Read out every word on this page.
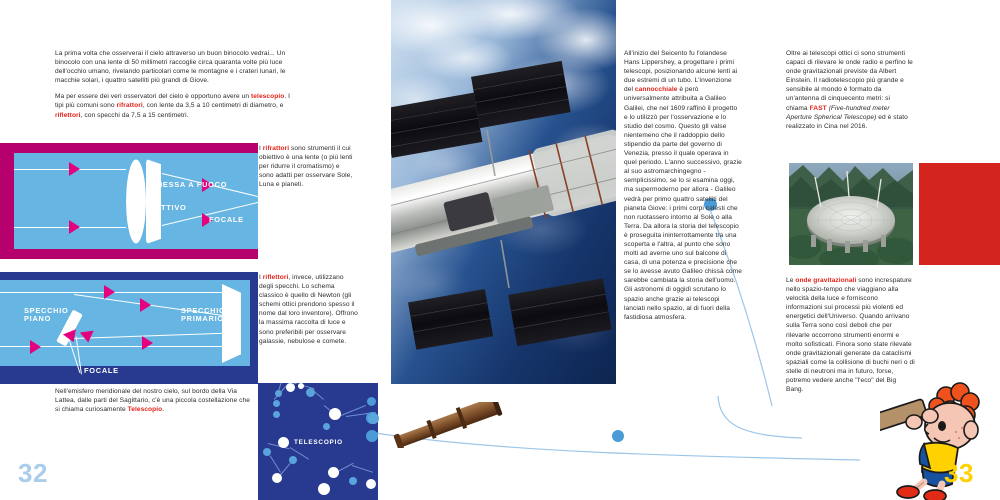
La prima volta che osserverai il cielo attraverso un buon binocolo vedrai... Un binocolo con una lente di 50 millimetri raccoglie circa quaranta volte più luce dell'occhio umano, rivelando particolari come le montagne e i crateri lunari, le macchie solari, i quattro satelliti più grandi di Giove.

Ma per essere dei veri osservatori del cielo è opportuno avere un telescopio. I tipi più comuni sono rifrattori, con lente da 3,5 a 10 centimetri di diametro, e riflettori, con specchi da 7,5 a 15 centimetri.

OBIETTIVO
MESSA A FUOCO
FOCALE

I rifrattori sono strumenti il cui obiettivo è una lente (o più lenti per ridurre il cromatismo) e sono adatti per osservare Sole, Luna e pianeti.

SPECCHIO
PIANO
SPECCHIO
PRIMARIO
FOCALE

I riflettori, invece, utilizzano degli specchi. Lo schema classico è quello di Newton (gli schemi ottici prendono spesso il nome dal loro inventore). Offrono la massima raccolta di luce e sono preferibili per osservare galassie, nebulose e comete.

Nell'emisfero meridionale del nostro cielo, sul bordo della Via Lattea, dalle parti del Sagittario, c'è una piccola costellazione che si chiama curiosamente Telescopio.

TELESCOPIO

All'inizio del Seicento fu l'olandese Hans Lippershey, a progettare i primi telescopi, posizionando alcune lenti ai due estremi di un tubo. L'invenzione del cannocchiale è però universalmente attribuita a Galileo Galilei, che nel 1609 raffinò il progetto e lo utilizzò per l'osservazione e lo studio del cosmo. Questo gli valse nientemeno che il raddoppio dello stipendio da parte del governo di Venezia, presso il quale operava in quel periodo. L'anno successivo, grazie al suo astromarchingegno - semplicissimo, se lo si esamina oggi, ma supermoderno per allora - Galileo vedrà per primo quattro satelliti del pianeta Giove: i primi corpi celesti che non ruotassero intorno al Sole o alla Terra. Da allora la storia del telescopio è proseguita ininterrottamente tra una scoperta e l'altra, al punto che sono molti ad averne uno sul balcone di casa, di una potenza e precisione che se lo avesse avuto Galileo chissà come sarebbe cambiata la storia dell'uomo. Gli astronomi di oggidì scrutano lo spazio anche grazie ai telescopi lanciati nello spazio, al di fuori della fastidiosa atmosfera.

Oltre ai telescopi ottici ci sono strumenti capaci di rilevare le onde radio e perfino le onde gravitazionali previste da Albert Einstein. Il radiotelescopio più grande e sensibile al mondo è formato da un'antenna di cinquecento metri: si chiama FAST (Five-hundred meter Aperture Spherical Telescope) ed è stato realizzato in Cina nel 2016.

Le onde gravitazionali sono increspature nello spazio-tempo che viaggiano alla velocità della luce e forniscono informazioni sui processi più violenti ed energetici dell'Universo. Quando arrivano sulla Terra sono così deboli che per rilevarle occorrono strumenti enormi e molto sofisticati. Finora sono state rilevate onde gravitazionali generate da cataclismi spaziali come la collisione di buchi neri o di stelle di neutroni ma in futuro, forse, potremo vedere anche "l'eco" del Big Bang.

32	33
